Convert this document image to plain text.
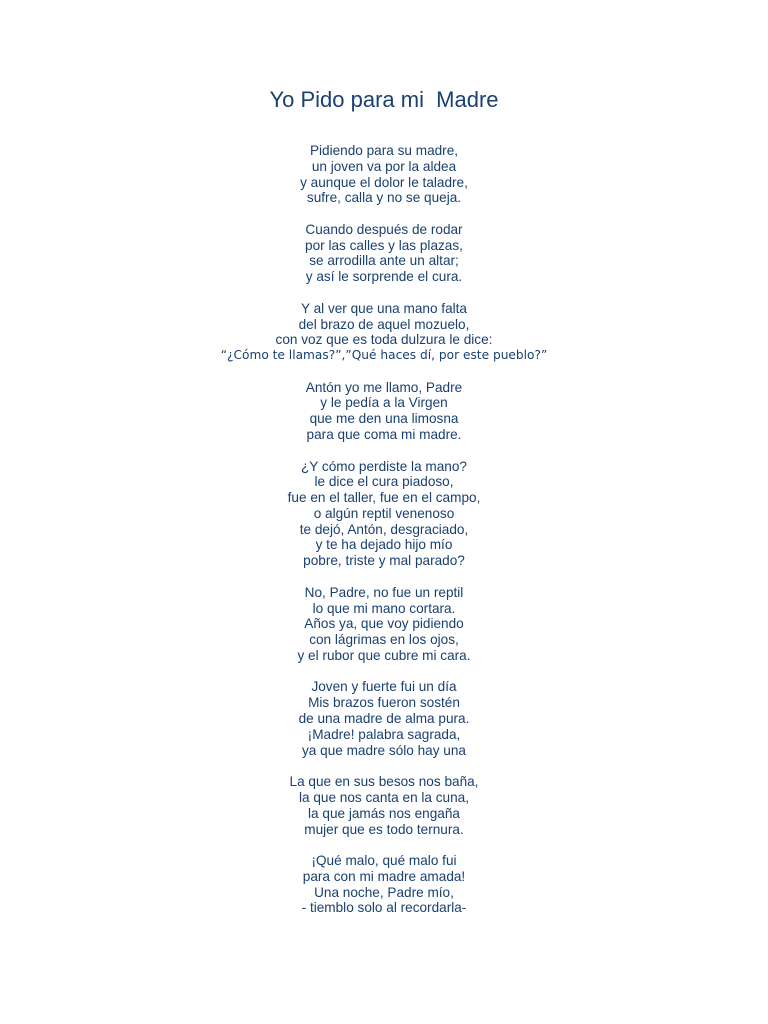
Yo Pido para mi  Madre
Pidiendo para su madre,
un joven va por la aldea
y aunque el dolor le taladre,
sufre, calla y no se queja.
Cuando después de rodar
por las calles y las plazas,
se arrodilla ante un altar;
y así le sorprende el cura.
Y al ver que una mano falta
del brazo de aquel mozuelo,
con voz que es toda dulzura le dice:
“¿Cómo te llamas?”,”Qué haces dí, por este pueblo?”
Antón yo me llamo, Padre
y le pedía a la Virgen
que me den una limosna
para que coma mi madre.
¿Y cómo perdiste la mano?
le dice el cura piadoso,
fue en el taller, fue en el campo,
o algún reptil venenoso
te dejó, Antón, desgraciado,
y te ha dejado hijo mío
pobre, triste y mal parado?
No, Padre, no fue un reptil
lo que mi mano cortara.
Años ya, que voy pidiendo
con lágrimas en los ojos,
y el rubor que cubre mi cara.
Joven y fuerte fui un día
Mis brazos fueron sostén
de una madre de alma pura.
¡Madre! palabra sagrada,
ya que madre sólo hay una
La que en sus besos nos baña,
la que nos canta en la cuna,
la que jamás nos engaña
mujer que es todo ternura.
¡Qué malo, qué malo fui
para con mi madre amada!
Una noche, Padre mío,
- tiemblo solo al recordarla-
